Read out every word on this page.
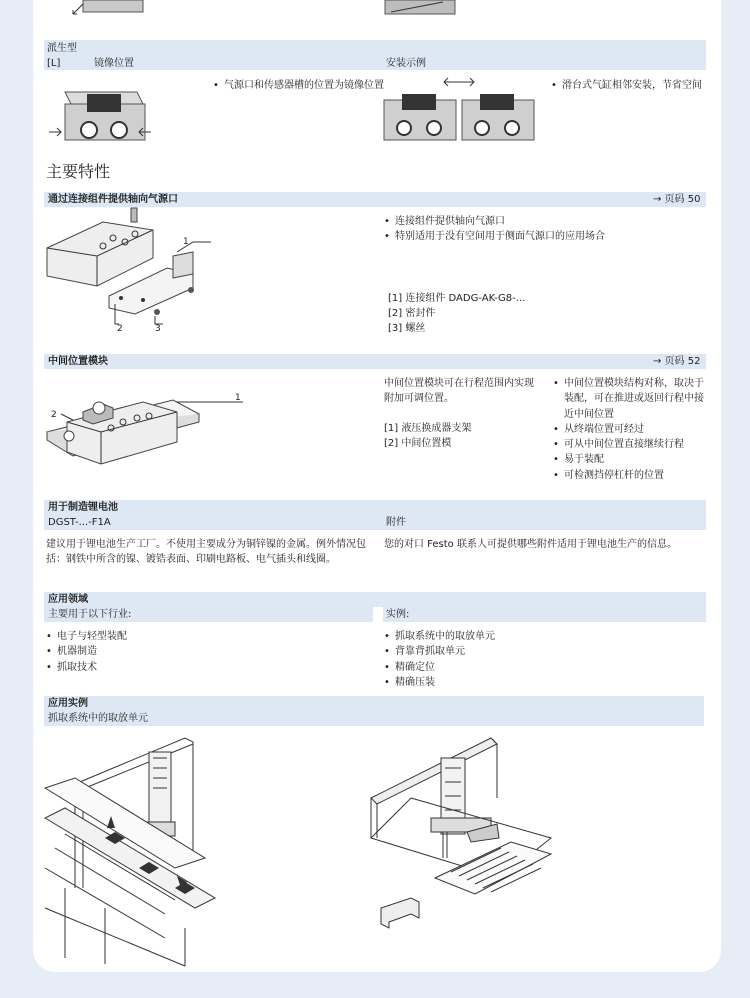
派生型
[L]	镜像位置	安装示例
• 气源口和传感器槽的位置为镜像位置
•	滑台式气缸相邻安装，节省空间
主要特性
通过连接组件提供轴向气源口	→ 页码 50
1
2	3
• 连接组件提供轴向气源口
• 特别适用于没有空间用于侧面气源口的应用场合
[1] 连接组件 DADG-AK-G8-...
[2] 密封件
[3] 螺丝
中间位置模块	→ 页码 52
1
2
中间位置模块可在行程范围内实现附加可调位置。
[1] 液压换成器支架
[2] 中间位置模
• 中间位置模块结构对称，取决于装配，可在推进或返回行程中接近中间位置
• 从终端位置可经过
• 可从中间位置直接继续行程
• 易于装配
• 可检测挡停杠杆的位置
用于制造锂电池
DGST-...-F1A	附件
建议用于锂电池生产工厂。不使用主要成分为铜锌镍的金属。例外情况包括：钢铁中所含的镍、镀锆表面、印刷电路板、电气插头和线圈。
您的对口 Festo 联系人可提供哪些附件适用于锂电池生产的信息。
应用领域
主要用于以下行业:	实例:
• 电子与轻型装配
• 机器制造
• 抓取技术
• 抓取系统中的取放单元
• 背靠背抓取单元
• 精确定位
• 精确压装
应用实例
抓取系统中的取放单元
